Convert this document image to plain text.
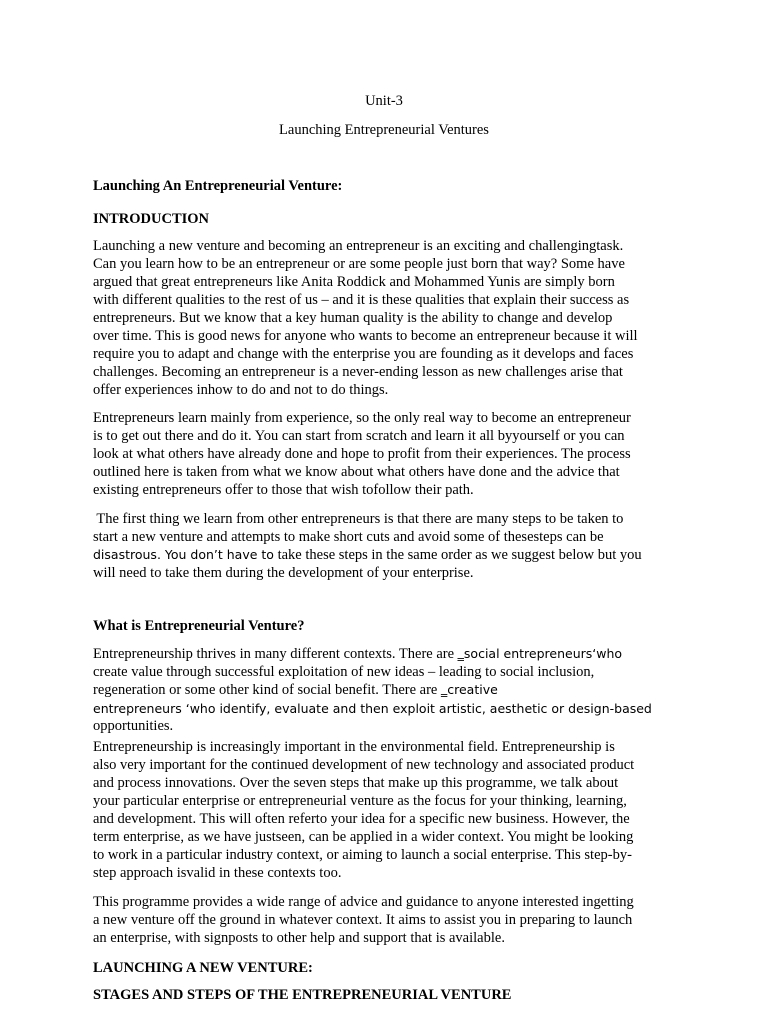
Unit-3
Launching Entrepreneurial Ventures
Launching An Entrepreneurial Venture:
INTRODUCTION
Launching a new venture and becoming an entrepreneur is an exciting and challengingtask.
Can you learn how to be an entrepreneur or are some people just born that way? Some have
argued that great entrepreneurs like Anita Roddick and Mohammed Yunis are simply born
with different qualities to the rest of us – and it is these qualities that explain their success as
entrepreneurs. But we know that a key human quality is the ability to change and develop
over time. This is good news for anyone who wants to become an entrepreneur because it will
require you to adapt and change with the enterprise you are founding as it develops and faces
challenges. Becoming an entrepreneur is a never-ending lesson as new challenges arise that
offer experiences inhow to do and not to do things.
Entrepreneurs learn mainly from experience, so the only real way to become an entrepreneur
is to get out there and do it. You can start from scratch and learn it all byyourself or you can
look at what others have already done and hope to profit from their experiences. The process
outlined here is taken from what we know about what others have done and the advice that
existing entrepreneurs offer to those that wish tofollow their path.
The first thing we learn from other entrepreneurs is that there are many steps to be taken to
start a new venture and attempts to make short cuts and avoid some of thesesteps can be
disastrous. You don’t have to take these steps in the same order as we suggest below but you
will need to take them during the development of your enterprise.
What is Entrepreneurial Venture?
Entrepreneurship thrives in many different contexts. There are ‗social entrepreneurs‘who
create value through successful exploitation of new ideas – leading to social inclusion,
regeneration or some other kind of social benefit. There are ‗creative
entrepreneurs ‘who identify, evaluate and then exploit artistic, aesthetic or design-based
opportunities.
Entrepreneurship is increasingly important in the environmental field. Entrepreneurship is
also very important for the continued development of new technology and associated product
and process innovations. Over the seven steps that make up this programme, we talk about
your particular enterprise or entrepreneurial venture as the focus for your thinking, learning,
and development. This will often referto your idea for a specific new business. However, the
term enterprise, as we have justseen, can be applied in a wider context. You might be looking
to work in a particular industry context, or aiming to launch a social enterprise. This step-by-
step approach isvalid in these contexts too.
This programme provides a wide range of advice and guidance to anyone interested ingetting
a new venture off the ground in whatever context. It aims to assist you in preparing to launch
an enterprise, with signposts to other help and support that is available.
LAUNCHING A NEW VENTURE:
STAGES AND STEPS OF THE ENTREPRENEURIAL VENTURE
